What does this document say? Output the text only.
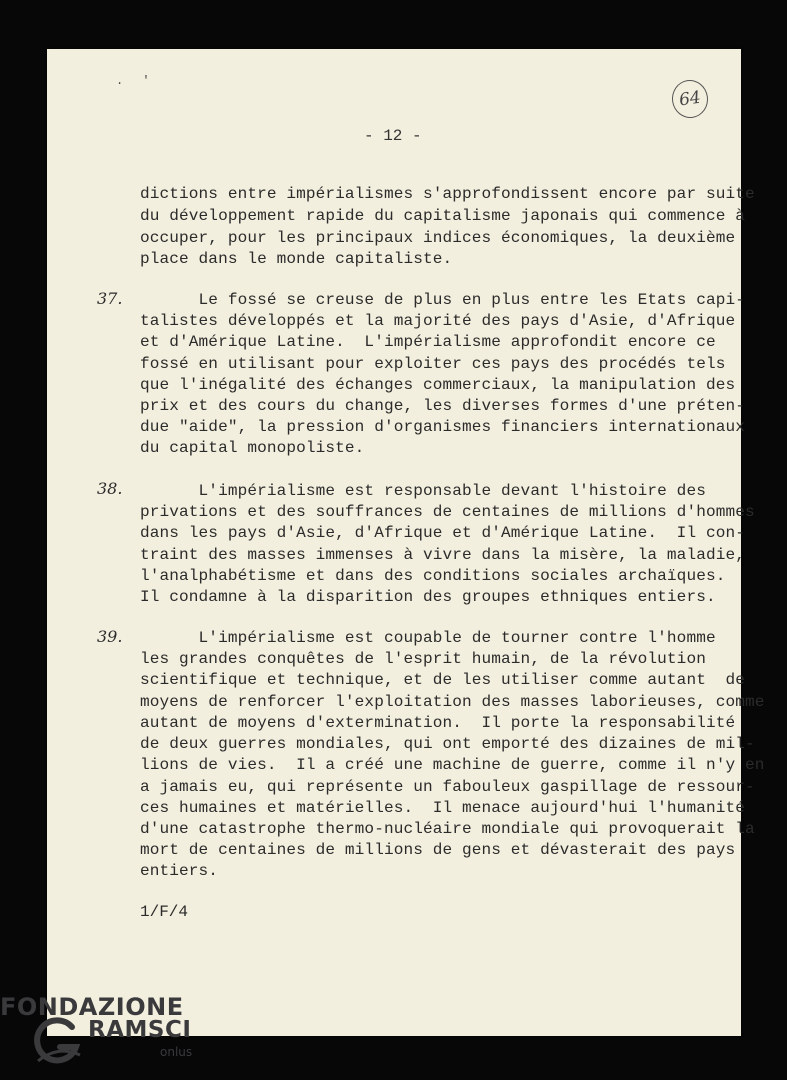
. '
64
- 12 -
dictions entre impérialismes s'approfondissent encore par suite
du développement rapide du capitalisme japonais qui commence à
occuper, pour les principaux indices économiques, la deuxième
place dans le monde capitaliste.
37. Le fossé se creuse de plus en plus entre les Etats capi-
talistes développés et la majorité des pays d'Asie, d'Afrique
et d'Amérique Latine.  L'impérialisme approfondit encore ce
fossé en utilisant pour exploiter ces pays des procédés tels
que l'inégalité des échanges commerciaux, la manipulation des
prix et des cours du change, les diverses formes d'une préten-
due "aide", la pression d'organismes financiers internationaux
du capital monopoliste.
38. L'impérialisme est responsable devant l'histoire des
privations et des souffrances de centaines de millions d'hommes
dans les pays d'Asie, d'Afrique et d'Amérique Latine.  Il con-
traint des masses immenses à vivre dans la misère, la maladie,
l'analphabétisme et dans des conditions sociales archaïques.
Il condamne à la disparition des groupes ethniques entiers.
39. L'impérialisme est coupable de tourner contre l'homme
les grandes conquêtes de l'esprit humain, de la révolution
scientifique et technique, et de les utiliser comme autant  de
moyens de renforcer l'exploitation des masses laborieuses, comme
autant de moyens d'extermination.  Il porte la responsabilité
de deux guerres mondiales, qui ont emporté des dizaines de mil-
lions de vies.  Il a créé une machine de guerre, comme il n'y en
a jamais eu, qui représente un fabouleux gaspillage de ressour-
ces humaines et matérielles.  Il menace aujourd'hui l'humanité
d'une catastrophe thermo-nucléaire mondiale qui provoquerait la
mort de centaines de millions de gens et dévasterait des pays
entiers.
1/F/4
FONDAZIONE
RAMSCI
onlus
